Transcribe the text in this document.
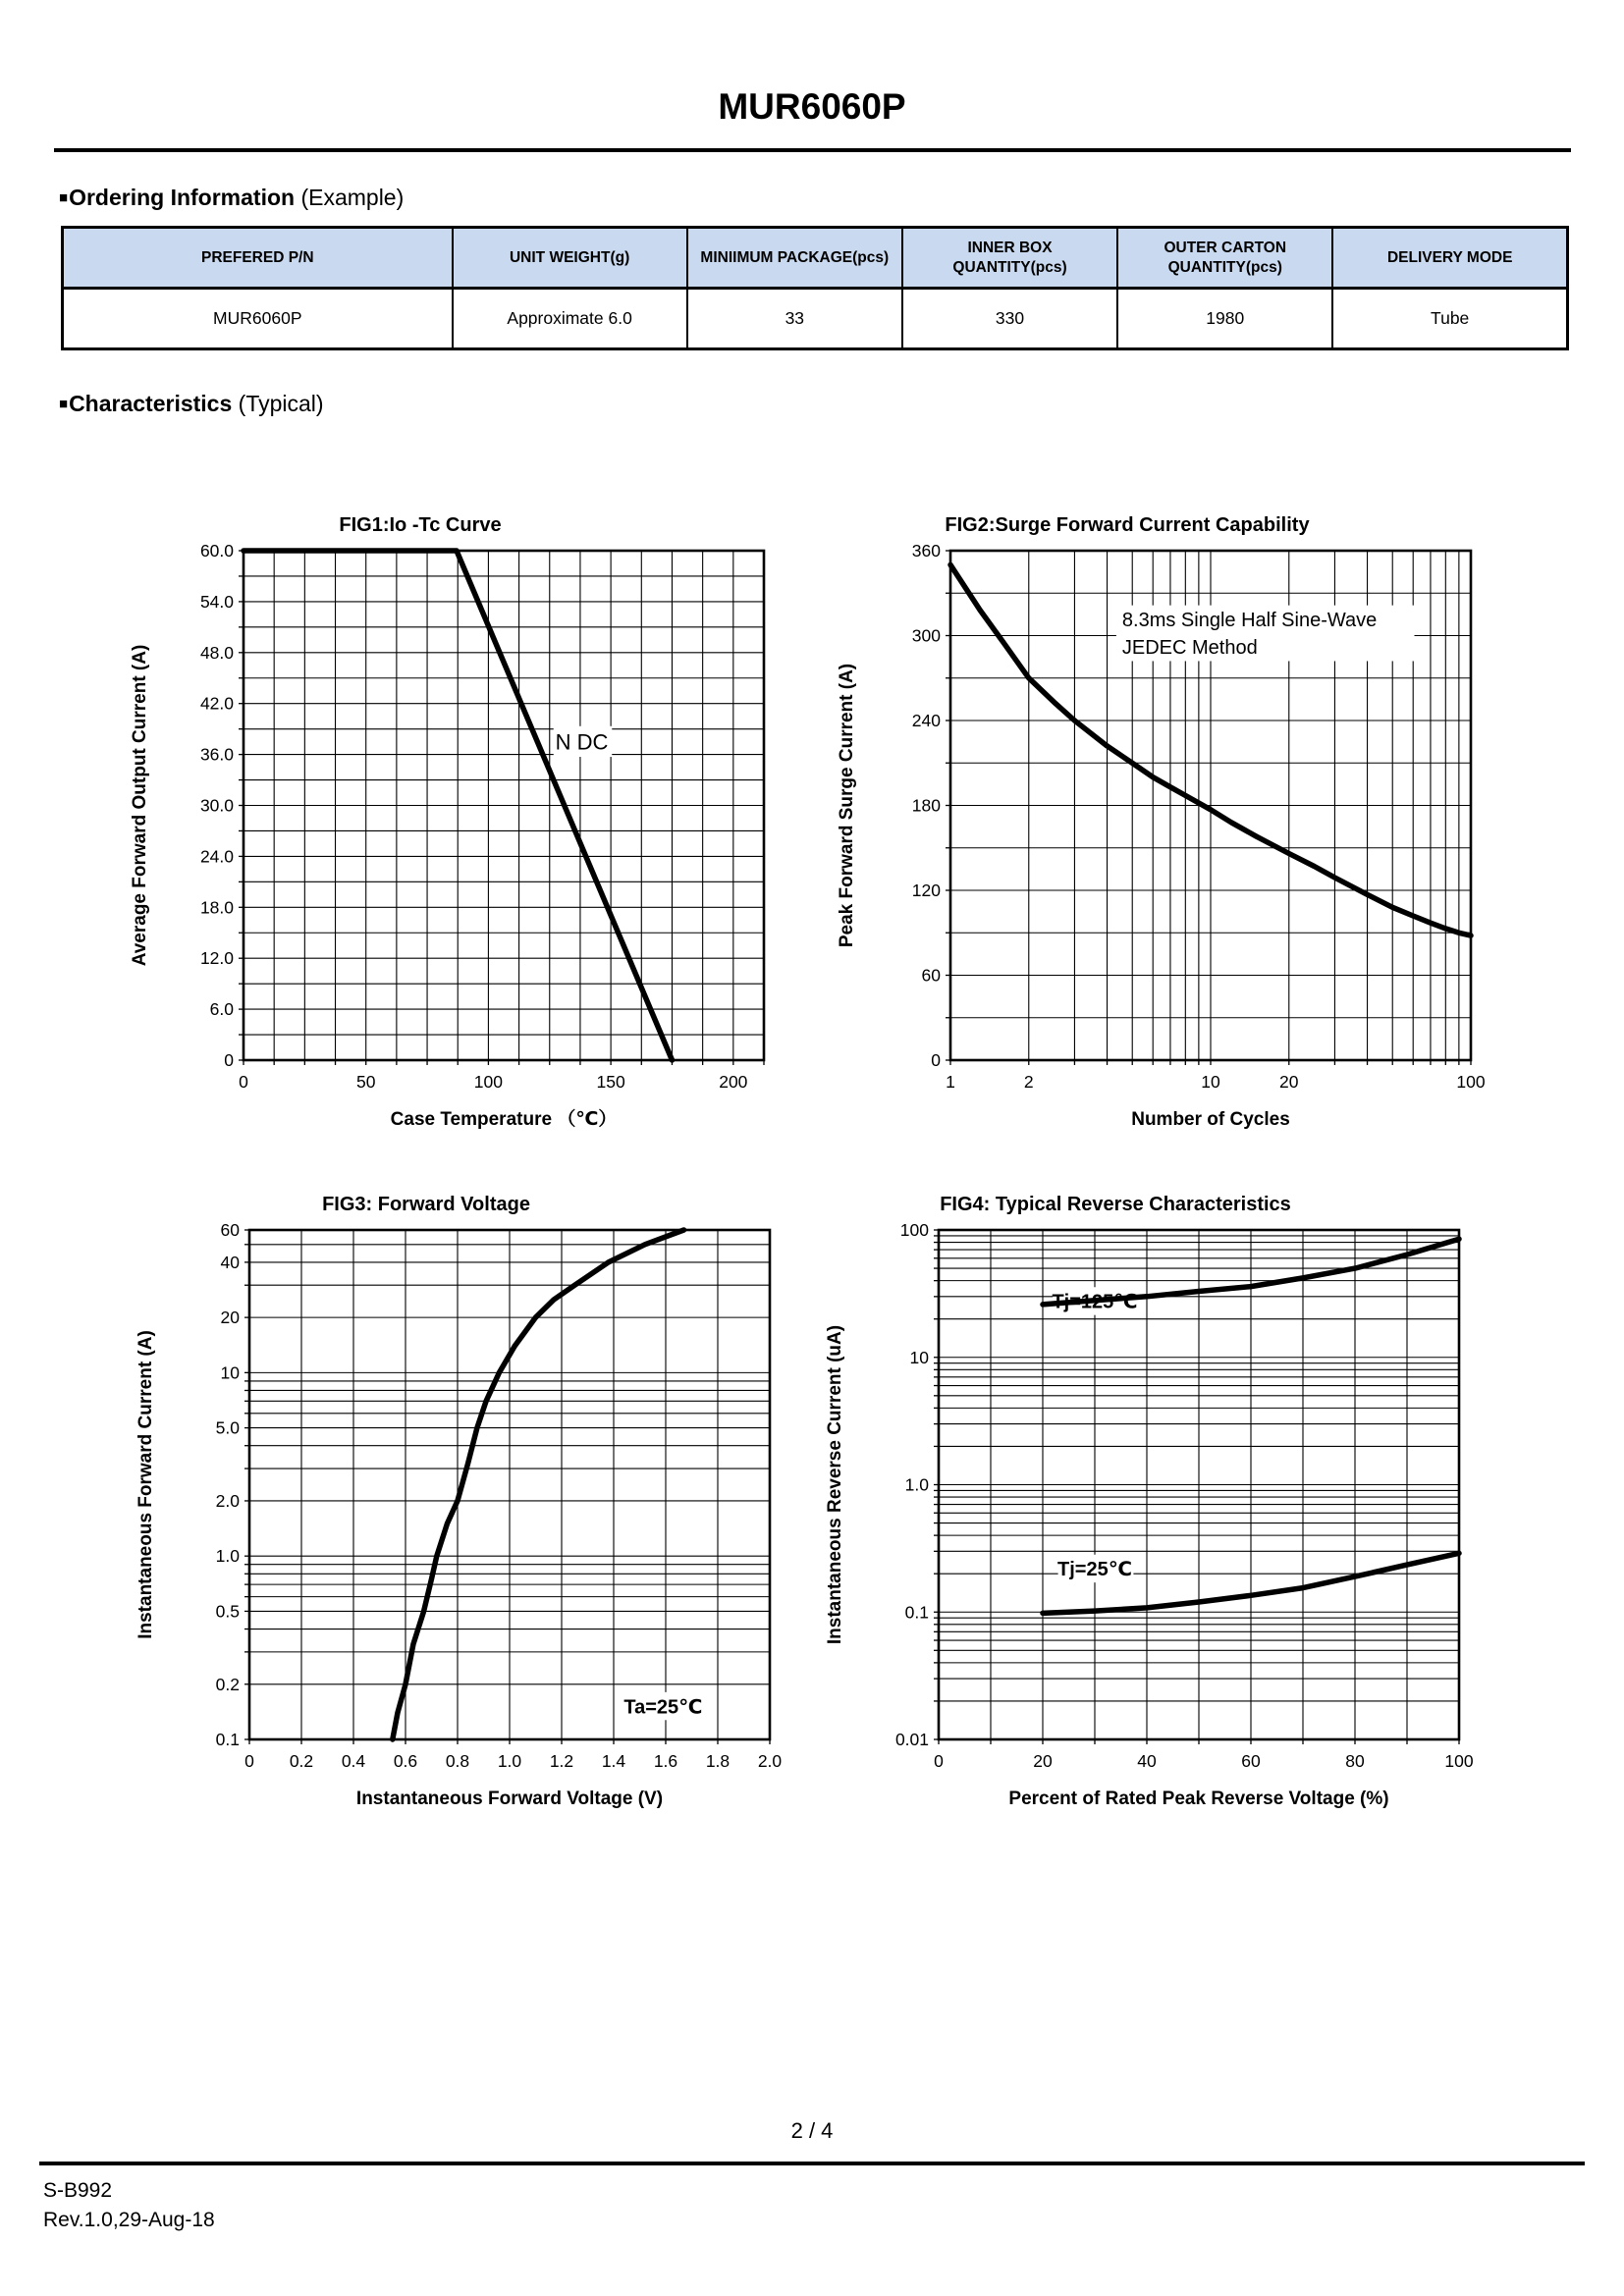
MUR6060P
■Ordering Information (Example)
PREFERED P/N	UNIT WEIGHT(g)	MINIIMUM PACKAGE(pcs)	INNER BOX QUANTITY(pcs)	OUTER CARTON QUANTITY(pcs)	DELIVERY MODE
MUR6060P	Approximate 6.0	33	330	1980	Tube
■Characteristics (Typical)
N DC
0	50	100	150	200
0
6.0
12.0
18.0
24.0
30.0
36.0
42.0
48.0
54.0
60.0
FIG1:Io -Tc Curve
Case Temperature （℃）
Average Forward Output Current (A)
8.3ms Single Half Sine-Wave
JEDEC Method
1	2	10	20	100
0
60
120
180
240
300
360
FIG2:Surge Forward Current Capability
Number of Cycles
Peak Forward Surge Current (A)
Ta=25℃
0 0.2 0.4 0.6 0.8 1.0 1.2 1.4 1.6 1.8 2.0
0.1
0.2
0.5
1.0
2.0
5.0
10
20
40
60
FIG3: Forward Voltage
Instantaneous Forward Voltage (V)
Instantaneous Forward Current (A)
Tj=125℃
Tj=25℃
0	20	40	60	80	100
0.01
0.1
1.0
10
100
FIG4: Typical Reverse Characteristics
Percent of Rated Peak Reverse Voltage (%)
Instantaneous Reverse Current (uA)
2 / 4
S-B992
Rev.1.0,29-Aug-18
